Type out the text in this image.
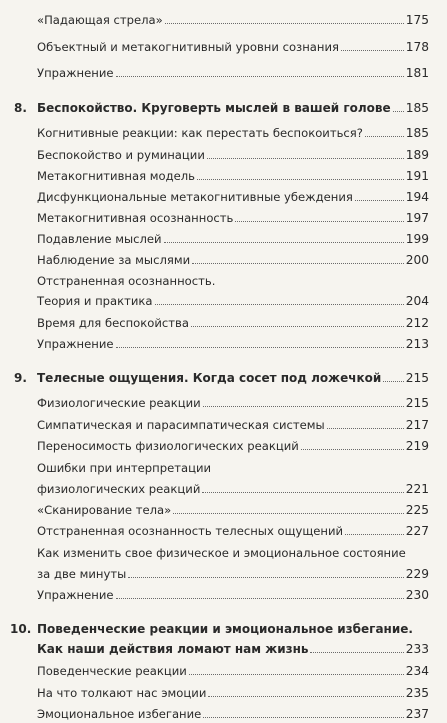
«Падающая стрела»	175
Объектный и метакогнитивный уровни сознания	178
Упражнение	181
8. Беспокойство. Круговерть мыслей в вашей голове 185
Когнитивные реакции: как перестать беспокоиться?	185
Беспокойство и руминации	189
Метакогнитивная модель	191
Дисфункциональные метакогнитивные убеждения	194
Метакогнитивная осознанность	197
Подавление мыслей	199
Наблюдение за мыслями	200
Отстраненная осознанность.
Теория и практика	204
Время для беспокойства	212
Упражнение	213
9. Телесные ощущения. Когда сосет под ложечкой 215
Физиологические реакции	215
Симпатическая и парасимпатическая системы	217
Переносимость физиологических реакций	219
Ошибки при интерпретации
физиологических реакций	221
«Сканирование тела»	225
Отстраненная осознанность телесных ощущений	227
Как изменить свое физическое и эмоциональное состояние
за две минуты	229
Упражнение	230
10. Поведенческие реакции и эмоциональное избегание.
Как наши действия ломают нам жизнь	233
Поведенческие реакции	234
На что толкают нас эмоции	235
Эмоциональное избегание	237
